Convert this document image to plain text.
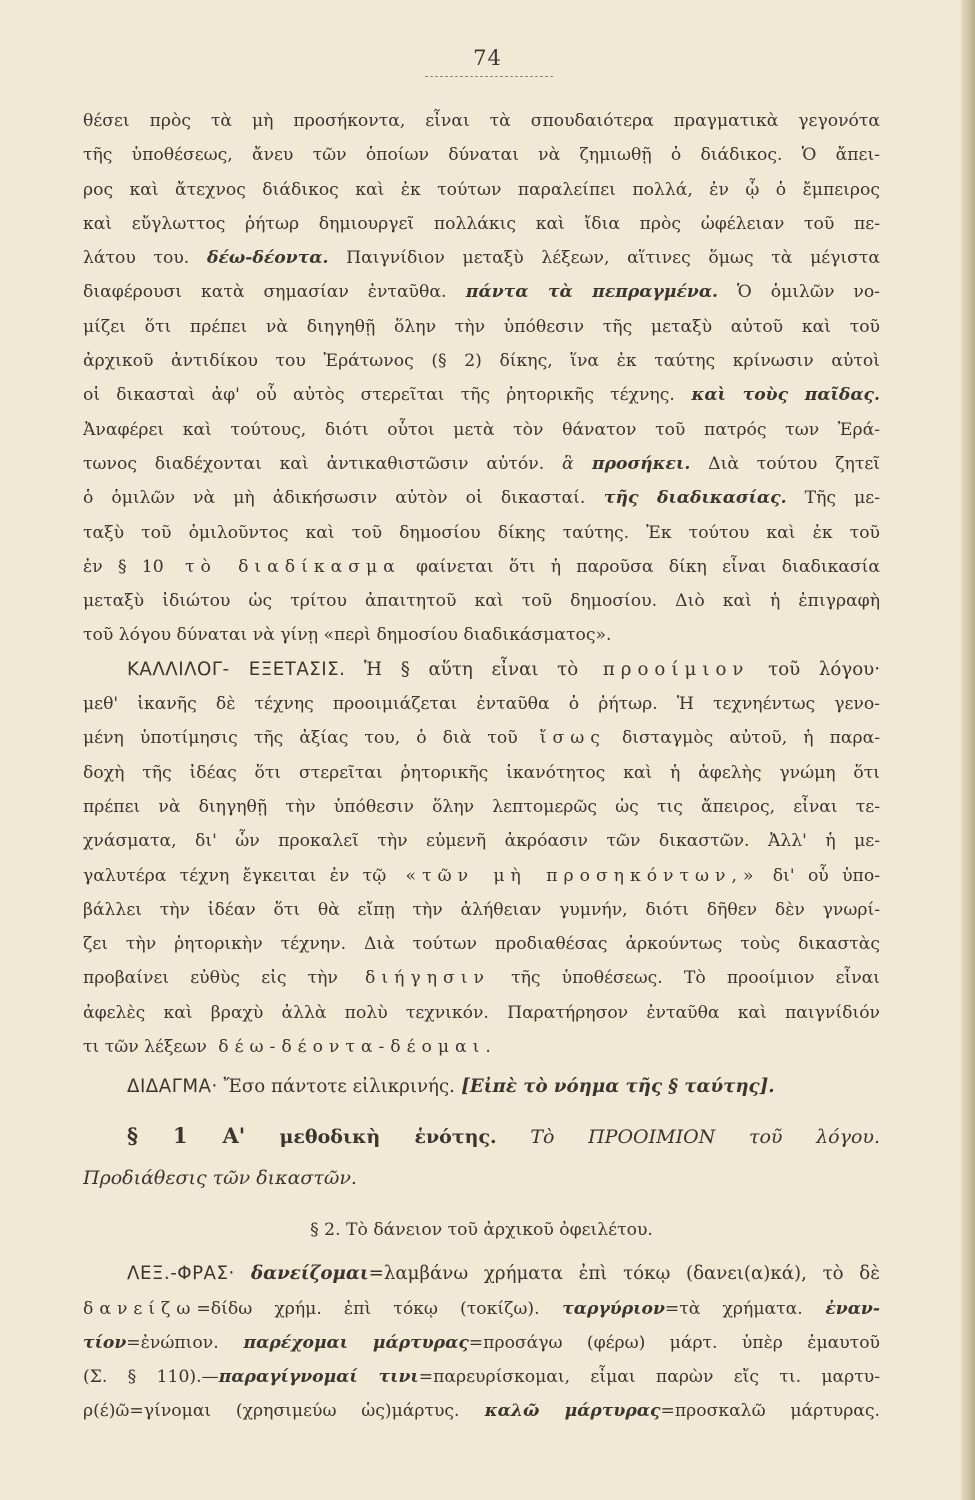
74
θέσει πρὸς τὰ μὴ προσήκοντα, εἶναι τὰ σπουδαιότερα πραγματικὰ γεγονότα
τῆς ὑποθέσεως, ἄνευ τῶν ὁποίων δύναται νὰ ζημιωθῇ ὁ διάδικος. Ὁ ἄπει-
ρος καὶ ἄτεχνος διάδικος καὶ ἐκ τούτων παραλείπει πολλά, ἐν ᾧ ὁ ἔμπειρος
καὶ εὔγλωττος ῥήτωρ δημιουργεῖ πολλάκις καὶ ἴδια πρὸς ὠφέλειαν τοῦ πε-
λάτου του. δέω-δέοντα. Παιγνίδιον μεταξὺ λέξεων, αἵτινες ὅμως τὰ μέγιστα
διαφέρουσι κατὰ σημασίαν ἐνταῦθα. πάντα τὰ πεπραγμένα. Ὁ ὁμιλῶν νο-
μίζει ὅτι πρέπει νὰ διηγηθῇ ὅλην τὴν ὑπόθεσιν τῆς μεταξὺ αὐτοῦ καὶ τοῦ
ἀρχικοῦ ἀντιδίκου του Ἐράτωνος (§ 2) δίκης, ἵνα ἐκ ταύτης κρίνωσιν αὐτοὶ
οἱ δικασταὶ ἀφ' οὗ αὐτὸς στερεῖται τῆς ῥητορικῆς τέχνης. καὶ τοὺς παῖδας.
Ἀναφέρει καὶ τούτους, διότι οὗτοι μετὰ τὸν θάνατον τοῦ πατρός των Ἐρά-
τωνος διαδέχονται καὶ ἀντικαθιστῶσιν αὐτόν. ἃ προσήκει. Διὰ τούτου ζητεῖ
ὁ ὁμιλῶν νὰ μὴ ἀδικήσωσιν αὐτὸν οἱ δικασταί. τῆς διαδικασίας. Τῆς με-
ταξὺ τοῦ ὁμιλοῦντος καὶ τοῦ δημοσίου δίκης ταύτης. Ἐκ τούτου καὶ ἐκ τοῦ
ἐν § 10 τὸ διαδίκασμα φαίνεται ὅτι ἡ παροῦσα δίκη εἶναι διαδικασία
μεταξὺ ἰδιώτου ὡς τρίτου ἀπαιτητοῦ καὶ τοῦ δημοσίου. Διὸ καὶ ἡ ἐπιγραφὴ
τοῦ λόγου δύναται νὰ γίνῃ «περὶ δημοσίου διαδικάσματος».
ΚΑΛΛΙΛΟΓ- ΕΞΕΤΑΣΙΣ. Ἡ § αὕτη εἶναι τὸ προοίμιον τοῦ λόγου·
μεθ' ἱκανῆς δὲ τέχνης προοιμιάζεται ἐνταῦθα ὁ ῥήτωρ. Ἡ τεχνηέντως γενο-
μένη ὑποτίμησις τῆς ἀξίας του, ὁ διὰ τοῦ ἴσως δισταγμὸς αὐτοῦ, ἡ παρα-
δοχὴ τῆς ἰδέας ὅτι στερεῖται ῥητορικῆς ἱκανότητος καὶ ἡ ἀφελὴς γνώμη ὅτι
πρέπει νὰ διηγηθῇ τὴν ὑπόθεσιν ὅλην λεπτομερῶς ὡς τις ἄπειρος, εἶναι τε-
χνάσματα, δι' ὧν προκαλεῖ τὴν εὐμενῆ ἀκρόασιν τῶν δικαστῶν. Ἀλλ' ἡ με-
γαλυτέρα τέχνη ἔγκειται ἐν τῷ «τῶν μὴ προσηκόντων,» δι' οὗ ὑπο-
βάλλει τὴν ἰδέαν ὅτι θὰ εἴπῃ τὴν ἀλήθειαν γυμνήν, διότι δῆθεν δὲν γνωρί-
ζει τὴν ῥητορικὴν τέχνην. Διὰ τούτων προδιαθέσας ἀρκούντως τοὺς δικαστὰς
προβαίνει εὐθὺς εἰς τὴν διήγησιν τῆς ὑποθέσεως. Τὸ προοίμιον εἶναι
ἀφελὲς καὶ βραχὺ ἀλλὰ πολὺ τεχνικόν. Παρατήρησον ἐνταῦθα καὶ παιγνίδιόν
τι τῶν λέξεων δέω-δέοντα-δέομαι.
ΔΙΔΑΓΜΑ· Ἔσο πάντοτε εἰλικρινής. [Εἰπὲ τὸ νόημα τῆς § ταύτης].
§ 1 Α' μεθοδικὴ ἑνότης. Τὸ ΠΡΟΟΙΜΙΟΝ τοῦ λόγου.
Προδιάθεσις τῶν δικαστῶν.
§ 2. Τὸ δάνειον τοῦ ἀρχικοῦ ὀφειλέτου.
ΛΕΞ.-ΦΡΑΣ· δανείζομαι=λαμβάνω χρήματα ἐπὶ τόκῳ (δανει(α)κά), τὸ δὲ
δανείζω=δίδω χρήμ. ἐπὶ τόκῳ (τοκίζω). ταργύριον=τὰ χρήματα. ἐναν-
τίον=ἐνώπιον. παρέχομαι μάρτυρας=προσάγω (φέρω) μάρτ. ὑπὲρ ἐμαυτοῦ
(Σ. § 110).—παραγίγνομαί τινι=παρευρίσκομαι, εἶμαι παρὼν εἴς τι. μαρτυ-
ρ(έ)ῶ=γίνομαι (χρησιμεύω ὡς)μάρτυς. καλῶ μάρτυρας=προσκαλῶ μάρτυρας.
